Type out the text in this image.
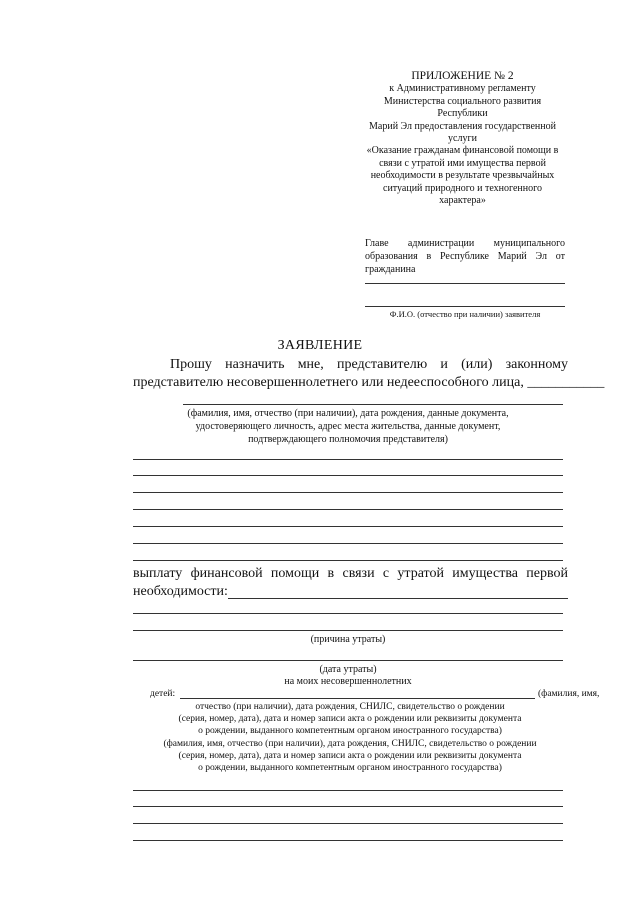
ПРИЛОЖЕНИЕ № 2
к Административному регламенту
Министерства социального развития
Республики
Марий Эл предоставления государственной
услуги
«Оказание гражданам финансовой помощи в
связи с утратой ими имущества первой
необходимости в результате чрезвычайных
ситуаций природного и техногенного
характера»
Главе администрации муниципального
образования в Республике Марий Эл от
гражданина
Ф.И.О. (отчество при наличии) заявителя
ЗАЯВЛЕНИЕ
Прошу назначить мне, представителю и (или) законному
представителю несовершеннолетнего или недееспособного лица, ___________
(фамилия, имя, отчество (при наличии), дата рождения, данные документа,
удостоверяющего личность, адрес места жительства, данные документ,
подтверждающего полномочия представителя)
выплату финансовой помощи в связи с утратой имущества первой
необходимости:
(причина утраты)
(дата утраты)
на моих несовершеннолетних
детей:	(фамилия, имя,
отчество (при наличии), дата рождения, СНИЛС, свидетельство о рождении
(серия, номер, дата), дата и номер записи акта о рождении или реквизиты документа
о рождении, выданного компетентным органом иностранного государства)
(фамилия, имя, отчество (при наличии), дата рождения, СНИЛС, свидетельство о рождении
(серия, номер, дата), дата и номер записи акта о рождении или реквизиты документа
о рождении, выданного компетентным органом иностранного государства)
